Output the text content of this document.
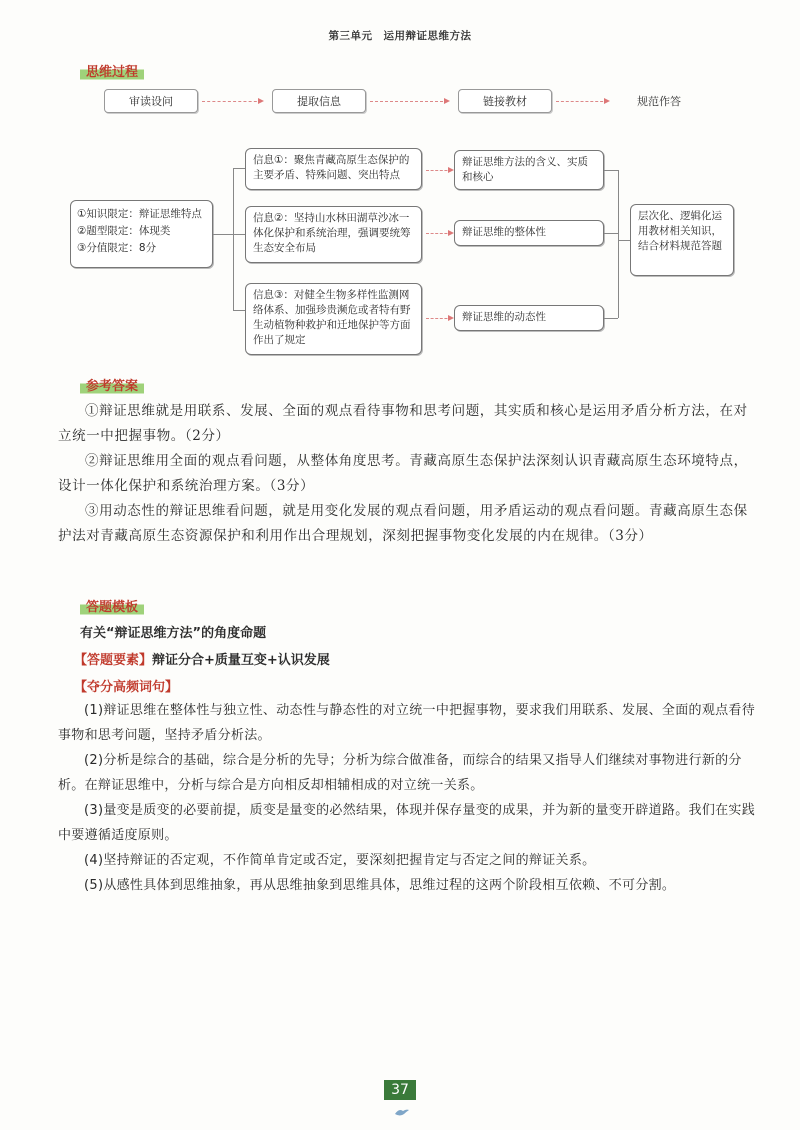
第三单元　运用辩证思维方法
思维过程
审读设问	提取信息	链接教材	规范作答
①知识限定：辩证思维特点
②题型限定：体现类
③分值限定：8分
信息①：聚焦青藏高原生态保护的主要矛盾、特殊问题、突出特点
信息②：坚持山水林田湖草沙冰一体化保护和系统治理，强调要统筹生态安全布局
信息③：对健全生物多样性监测网络体系、加强珍贵濒危或者特有野生动植物种救护和迁地保护等方面作出了规定
辩证思维方法的含义、实质和核心
辩证思维的整体性
辩证思维的动态性
层次化、逻辑化运用教材相关知识，结合材料规范答题
参考答案

①辩证思维就是用联系、发展、全面的观点看待事物和思考问题，其实质和核心是运用矛盾分析方法，在对立统一中把握事物。（2分）

②辩证思维用全面的观点看问题，从整体角度思考。青藏高原生态保护法深刻认识青藏高原生态环境特点，设计一体化保护和系统治理方案。（3分）

③用动态性的辩证思维看问题，就是用变化发展的观点看问题，用矛盾运动的观点看问题。青藏高原生态保护法对青藏高原生态资源保护和利用作出合理规划，深刻把握事物变化发展的内在规律。（3分）

答题模板
有关“辩证思维方法”的角度命题
【答题要素】辩证分合+质量互变+认识发展
【夺分高频词句】

(1)辩证思维在整体性与独立性、动态性与静态性的对立统一中把握事物，要求我们用联系、发展、全面的观点看待事物和思考问题，坚持矛盾分析法。

(2)分析是综合的基础，综合是分析的先导；分析为综合做准备，而综合的结果又指导人们继续对事物进行新的分析。在辩证思维中，分析与综合是方向相反却相辅相成的对立统一关系。

(3)量变是质变的必要前提，质变是量变的必然结果，体现并保存量变的成果，并为新的量变开辟道路。我们在实践中要遵循适度原则。

(4)坚持辩证的否定观，不作简单肯定或否定，要深刻把握肯定与否定之间的辩证关系。

(5)从感性具体到思维抽象，再从思维抽象到思维具体，思维过程的这两个阶段相互依赖、不可分割。

37
